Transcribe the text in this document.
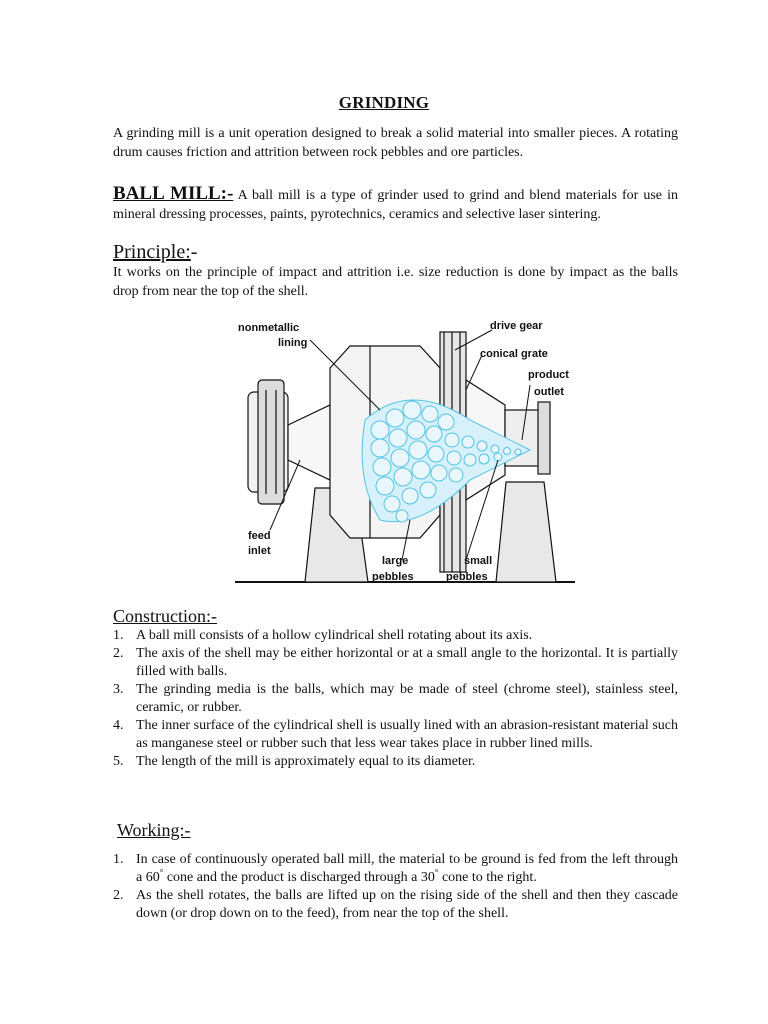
GRINDING

A grinding mill is a unit operation designed to break a solid material into smaller pieces. A rotating drum causes friction and attrition between rock pebbles and ore particles.

BALL MILL:- A ball mill is a type of grinder used to grind and blend materials for use in mineral dressing processes, paints, pyrotechnics, ceramics and selective laser sintering.

Principle:-

It works on the principle of impact and attrition i.e. size reduction is done by impact as the balls drop from near the top of the shell.

nonmetallic
lining
drive gear
conical grate
product
outlet
feed
inlet
large
pebbles
small
pebbles
Construction:-
1. A ball mill consists of a hollow cylindrical shell rotating about its axis.
2. The axis of the shell may be either horizontal or at a small angle to the horizontal. It is partially filled with balls.
3. The grinding media is the balls, which may be made of steel (chrome steel), stainless steel, ceramic, or rubber.
4. The inner surface of the cylindrical shell is usually lined with an abrasion-resistant material such as manganese steel or rubber such that less wear takes place in rubber lined mills.
5. The length of the mill is approximately equal to its diameter.
Working:-
1. In case of continuously operated ball mill, the material to be ground is fed from the left through a 60° cone and the product is discharged through a 30° cone to the right.
2. As the shell rotates, the balls are lifted up on the rising side of the shell and then they cascade down (or drop down on to the feed), from near the top of the shell.
